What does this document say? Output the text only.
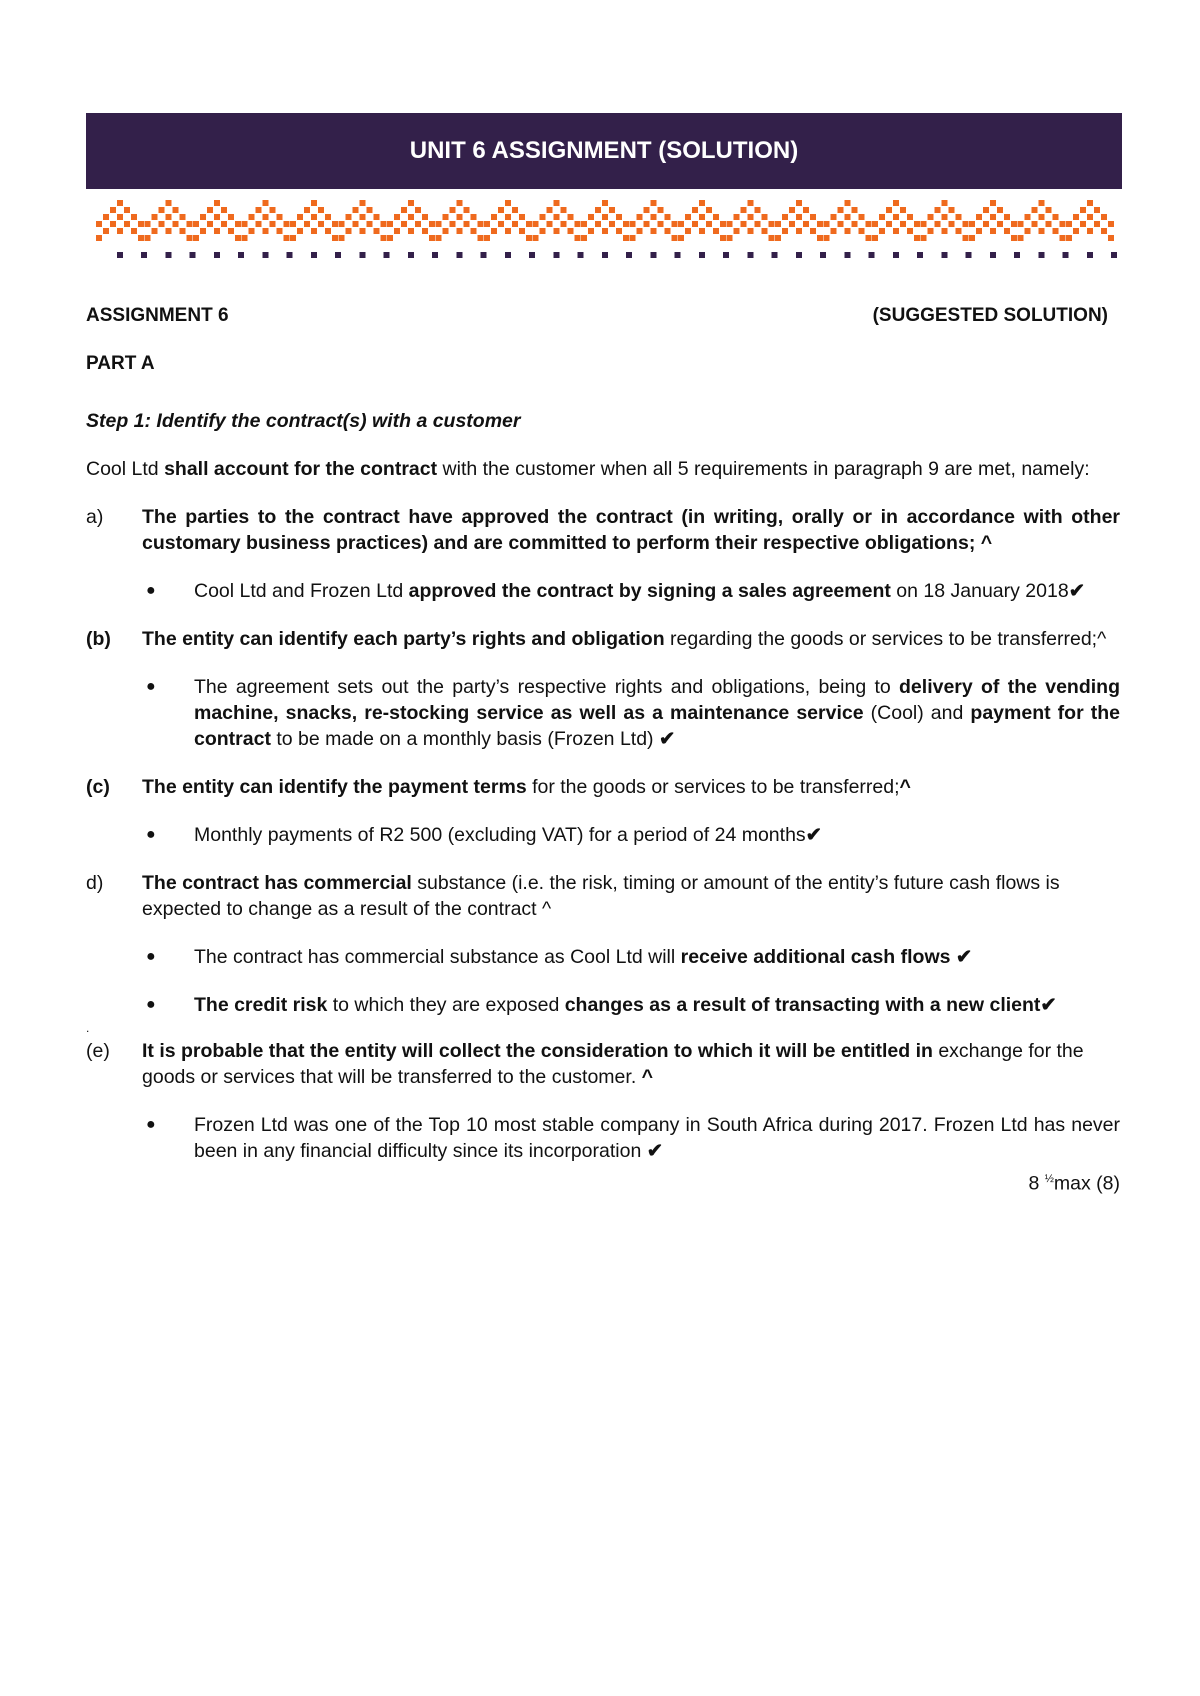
UNIT 6 ASSIGNMENT (SOLUTION)
ASSIGNMENT 6	(SUGGESTED SOLUTION)
PART A
Step 1: Identify the contract(s) with a customer
Cool Ltd shall account for the contract with the customer when all 5 requirements in paragraph 9 are met, namely:
a)	The parties to the contract have approved the contract (in writing, orally or in accordance with other customary business practices) and are committed to perform their respective obligations; ^
●	Cool Ltd and Frozen Ltd approved the contract by signing a sales agreement on 18 January 2018✔
(b)	The entity can identify each party’s rights and obligation regarding the goods or services to be transferred;^
●	The agreement sets out the party’s respective rights and obligations, being to delivery of the vending machine, snacks, re-stocking service as well as a maintenance service (Cool) and payment for the contract to be made on a monthly basis (Frozen Ltd) ✔
(c)	The entity can identify the payment terms for the goods or services to be transferred;^
●	Monthly payments of R2 500 (excluding VAT) for a period of 24 months✔
d)	The contract has commercial substance (i.e. the risk, timing or amount of the entity’s future cash flows is expected to change as a result of the contract ^
●	The contract has commercial substance as Cool Ltd will receive additional cash flows ✔
●	The credit risk to which they are exposed changes as a result of transacting with a new client✔
.
(e)	It is probable that the entity will collect the consideration to which it will be entitled in exchange for the goods or services that will be transferred to the customer. ^
●	Frozen Ltd was one of the Top 10 most stable company in South Africa during 2017. Frozen Ltd has never been in any financial difficulty since its incorporation ✔
8 $^{\frac{1}{2}}$max (8)
